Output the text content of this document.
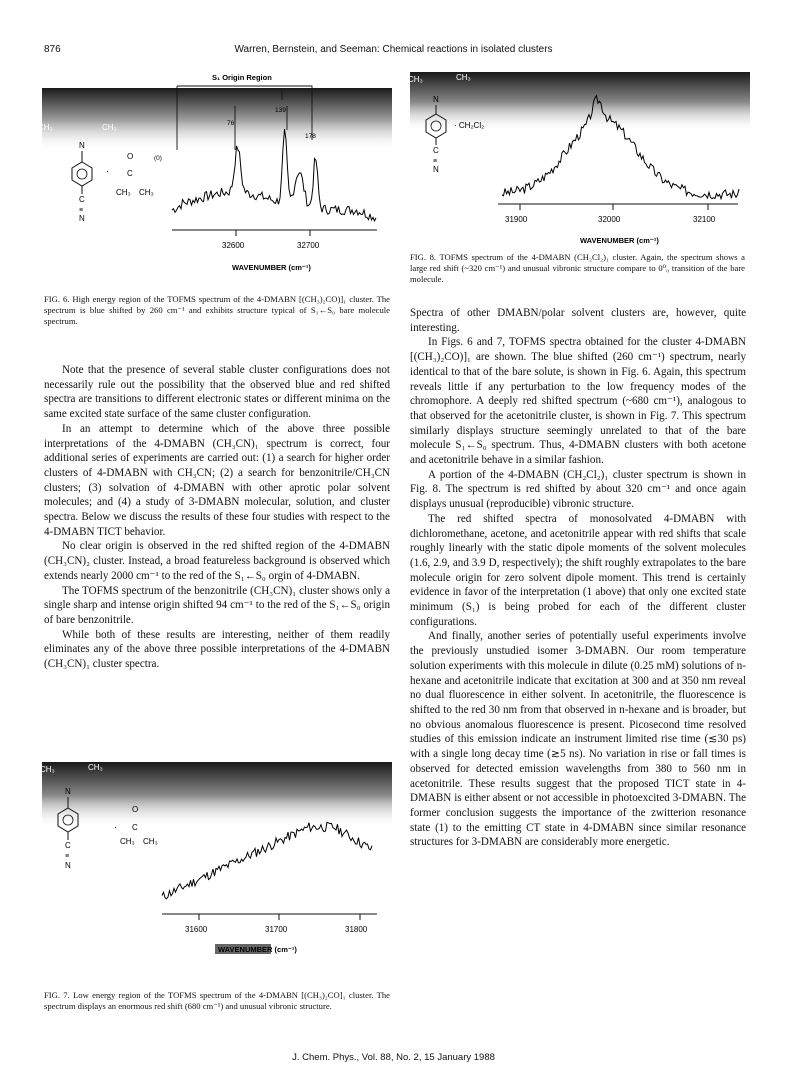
876	Warren, Bernstein, and Seeman: Chemical reactions in isolated clusters
S₁ Origin Region
139
76
178
(0)
CH₃	CH₃
N
C
≡
N
O
C
CH₃ CH₃
·
32600	32700
WAVENUMBER (cm⁻¹)
FIG. 6. High energy region of the TOFMS spectrum of the 4-DMABN [(CH₃)₂CO)]₁ cluster. The spectrum is blue shifted by 260 cm⁻¹ and exhibits structure typical of S₁←S₀ bare molecule spectrum.
CH₃	CH₃
N
C
≡
N
· CH₂Cl₂
31900	32000	32100
WAVENUMBER (cm⁻¹)
FIG. 8. TOFMS spectrum of the 4-DMABN (CH₂Cl₂)₁ cluster. Again, the spectrum shows a large red shift (~320 cm⁻¹) and unusual vibronic structure compare to 0⁰₀ transition of the bare molecule.

Note that the presence of several stable cluster configurations does not necessarily rule out the possibility that the observed blue and red shifted spectra are transitions to different electronic states or different minima on the same excited state surface of the same cluster configuration.

In an attempt to determine which of the above three possible interpretations of the 4-DMABN (CH₃CN)₁ spectrum is correct, four additional series of experiments are carried out: (1) a search for higher order clusters of 4-DMABN with CH₃CN; (2) a search for benzonitrile/CH₃CN clusters; (3) solvation of 4-DMABN with other aprotic polar solvent molecules; and (4) a study of 3-DMABN molecular, solution, and cluster spectra. Below we discuss the results of these four studies with respect to the 4-DMABN TICT behavior.

No clear origin is observed in the red shifted region of the 4-DMABN (CH₃CN)₂ cluster. Instead, a broad featureless background is observed which extends nearly 2000 cm⁻¹ to the red of the S₁←S₀ orgin of 4-DMABN.

The TOFMS spectrum of the benzonitrile (CH₃CN)₁ cluster shows only a single sharp and intense origin shifted 94 cm⁻¹ to the red of the S₁←S₀ origin of bare benzonitrile.

While both of these results are interesting, neither of them readily eliminates any of the above three possible interpretations of the 4-DMABN (CH₃CN)₁ cluster spectra.

CH₃	CH₃
N
C
≡
N
O
C
CH₃ CH₃
·
31600	31700	31800
WAVENUMBER (cm⁻¹)
FIG. 7. Low energy region of the TOFMS spectrum of the 4-DMABN [(CH₃)₂CO]₁ cluster. The spectrum displays an enormous red shift (680 cm⁻¹) and unusual vibronic structure.

Spectra of other DMABN/polar solvent clusters are, however, quite interesting.

In Figs. 6 and 7, TOFMS spectra obtained for the cluster 4-DMABN [(CH₃)₂CO)]₁ are shown. The blue shifted (260 cm⁻¹) spectrum, nearly identical to that of the bare solute, is shown in Fig. 6. Again, this spectrum reveals little if any perturbation to the low frequency modes of the chromophore. A deeply red shifted spectrum (~680 cm⁻¹), analogous to that observed for the acetonitrile cluster, is shown in Fig. 7. This spectrum similarly displays structure seemingly unrelated to that of the bare molecule S₁←S₀ spectrum. Thus, 4-DMABN clusters with both acetone and acetonitrile behave in a similar fashion.

A portion of the 4-DMABN (CH₂Cl₂)₁ cluster spectrum is shown in Fig. 8. The spectrum is red shifted by about 320 cm⁻¹ and once again displays unusual (reproducible) vibronic structure.

The red shifted spectra of monosolvated 4-DMABN with dichloromethane, acetone, and acetonitrile appear with red shifts that scale roughly linearly with the static dipole moments of the solvent molecules (1.6, 2.9, and 3.9 D, respectively); the shift roughly extrapolates to the bare molecule origin for zero solvent dipole moment. This trend is certainly evidence in favor of the interpretation (1 above) that only one excited state minimum (S₁) is being probed for each of the different cluster configurations.

And finally, another series of potentially useful experiments involve the previously unstudied isomer 3-DMABN. Our room temperature solution experiments with this molecule in dilute (0.25 mM) solutions of n-hexane and acetonitrile indicate that excitation at 300 and at 350 nm reveal no dual fluorescence in either solvent. In acetonitrile, the fluorescence is shifted to the red 30 nm from that observed in n-hexane and is broader, but no obvious anomalous fluorescence is present. Picosecond time resolved studies of this emission indicate an instrument limited rise time (≲30 ps) with a single long decay time (≳5 ns). No variation in rise or fall times is observed for detected emission wavelengths from 380 to 560 nm in acetonitrile. These results suggest that the proposed TICT state in 4-DMABN is either absent or not accessible in photoexcited 3-DMABN. The former conclusion suggests the importance of the zwitterion resonance state (1) to the emitting CT state in 4-DMABN since similar resonance structures for 3-DMABN are considerably more energetic.

J. Chem. Phys., Vol. 88, No. 2, 15 January 1988
